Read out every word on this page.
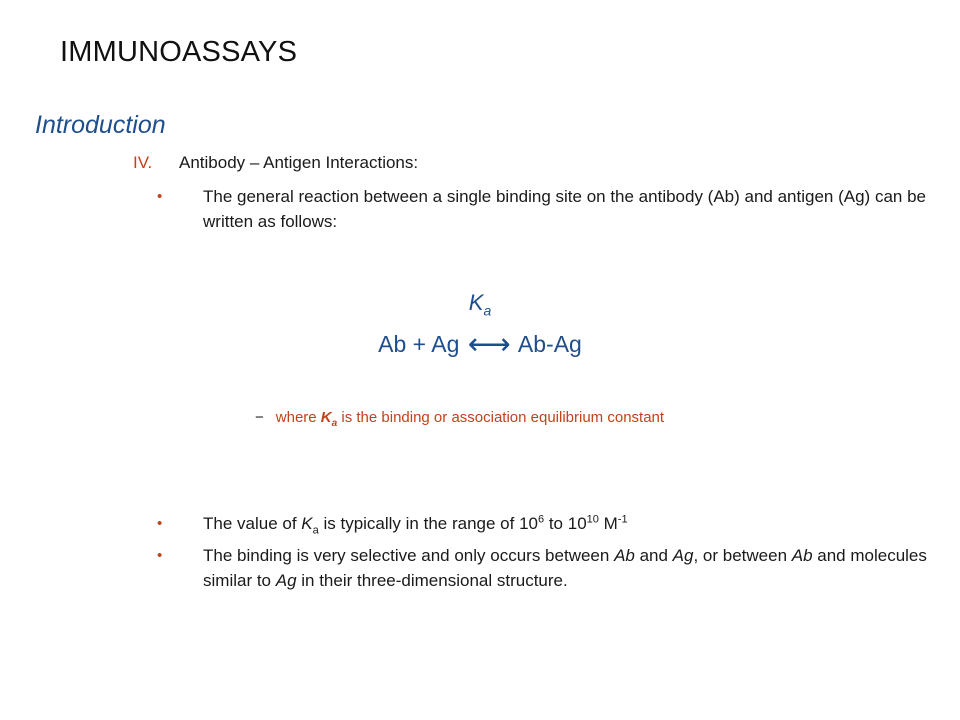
IMMUNOASSAYS
Introduction
IV.	Antibody – Antigen Interactions:
• The general reaction between a single binding site on the antibody (Ab) and antigen (Ag) can be written as follows:
$K_a$
Ab + Ag ⟷ Ab-Ag
− where $K_a$ is the binding or association equilibrium constant
• The value of $K_a$ is typically in the range of $10^6$ to $10^{10}$ $M^{-1}$
• The binding is very selective and only occurs between Ab and Ag, or between Ab and molecules similar to Ag in their three-dimensional structure.
